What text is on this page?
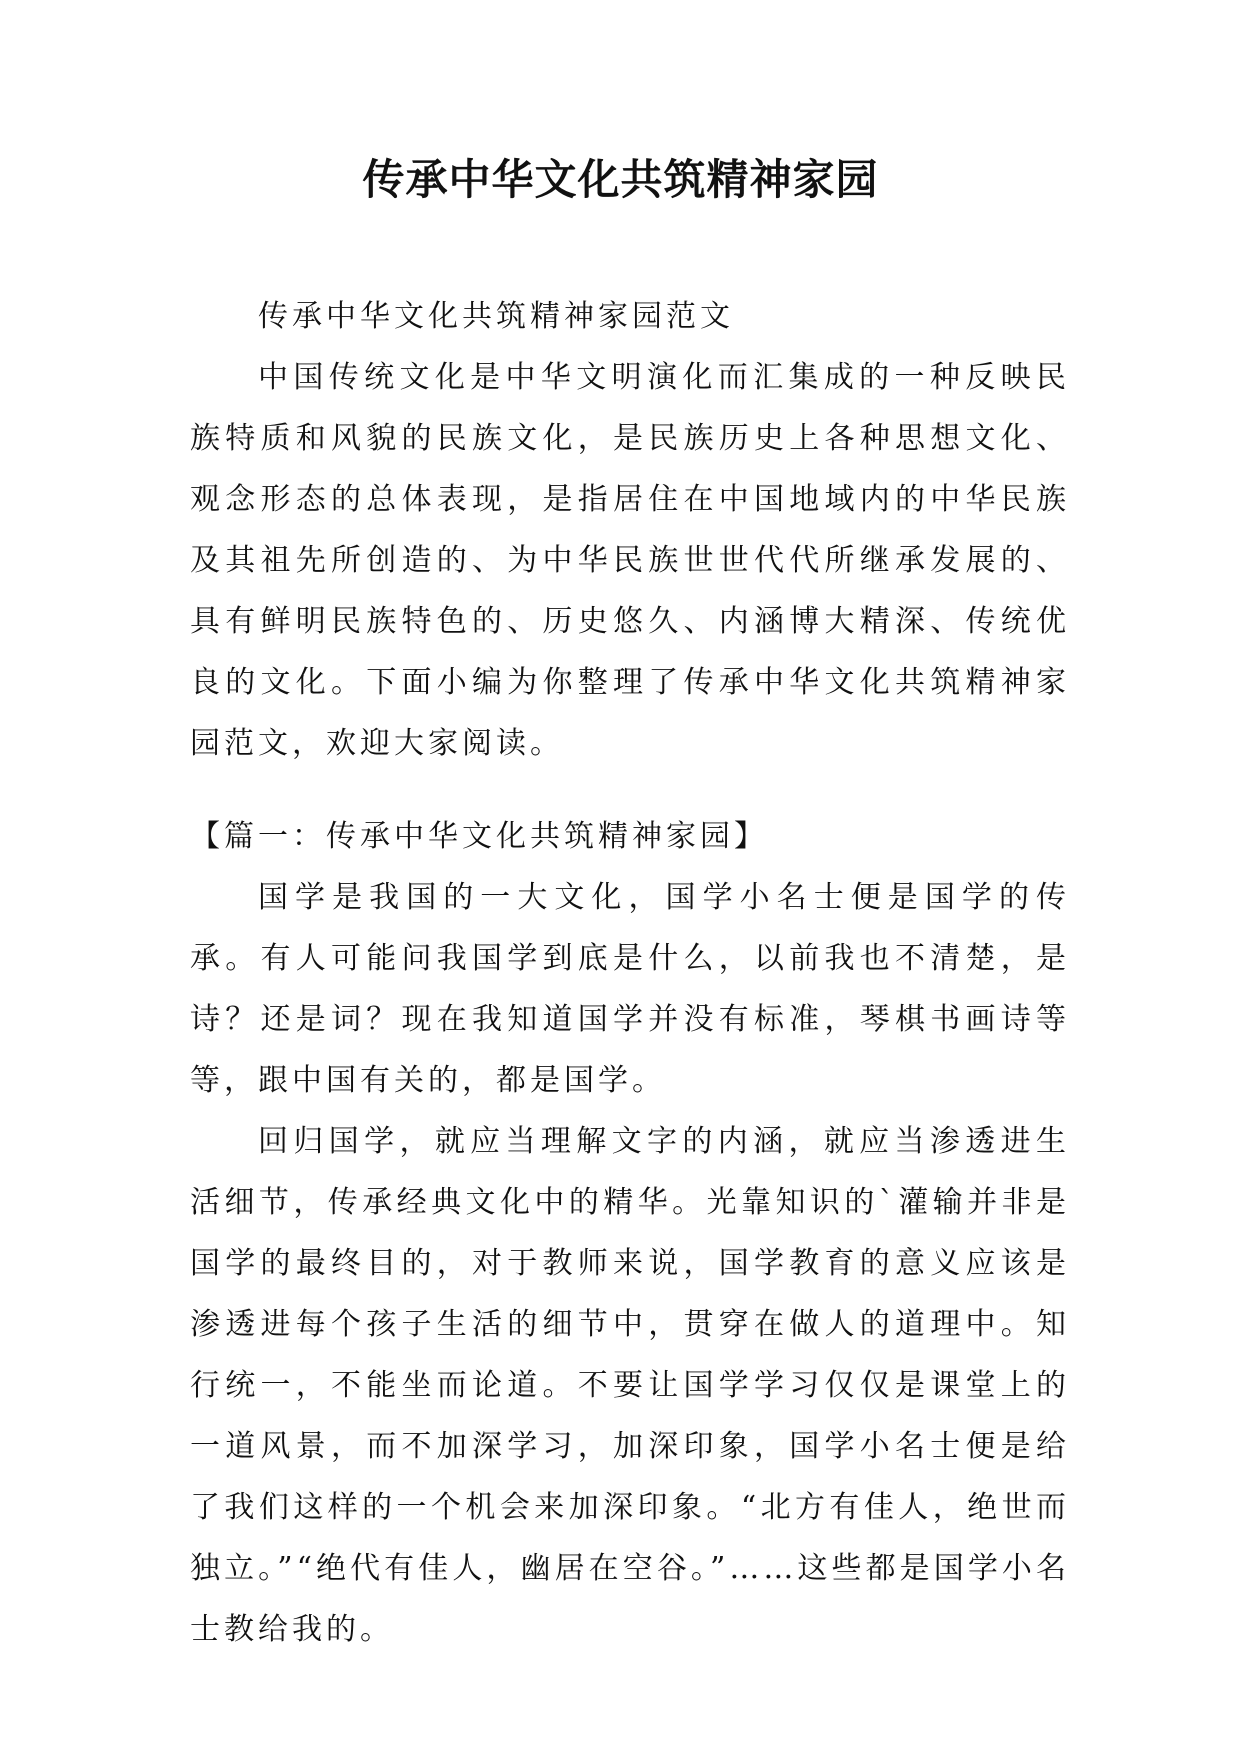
传承中华文化共筑精神家园

传承中华文化共筑精神家园范文

中国传统文化是中华文明演化而汇集成的一种反映民族特质和风貌的民族文化，是民族历史上各种思想文化、观念形态的总体表现，是指居住在中国地域内的中华民族及其祖先所创造的、为中华民族世世代代所继承发展的、具有鲜明民族特色的、历史悠久、内涵博大精深、传统优良的文化。下面小编为你整理了传承中华文化共筑精神家园范文，欢迎大家阅读。

【篇一：传承中华文化共筑精神家园】

国学是我国的一大文化，国学小名士便是国学的传承。有人可能问我国学到底是什么，以前我也不清楚，是诗？还是词？现在我知道国学并没有标准，琴棋书画诗等等，跟中国有关的，都是国学。

回归国学，就应当理解文字的内涵，就应当渗透进生活细节，传承经典文化中的精华。光靠知识的`灌输并非是国学的最终目的，对于教师来说，国学教育的意义应该是渗透进每个孩子生活的细节中，贯穿在做人的道理中。知行统一，不能坐而论道。不要让国学学习仅仅是课堂上的一道风景，而不加深学习，加深印象，国学小名士便是给了我们这样的一个机会来加深印象。“北方有佳人，绝世而独立。”“绝代有佳人，幽居在空谷。”……这些都是国学小名士教给我的。
